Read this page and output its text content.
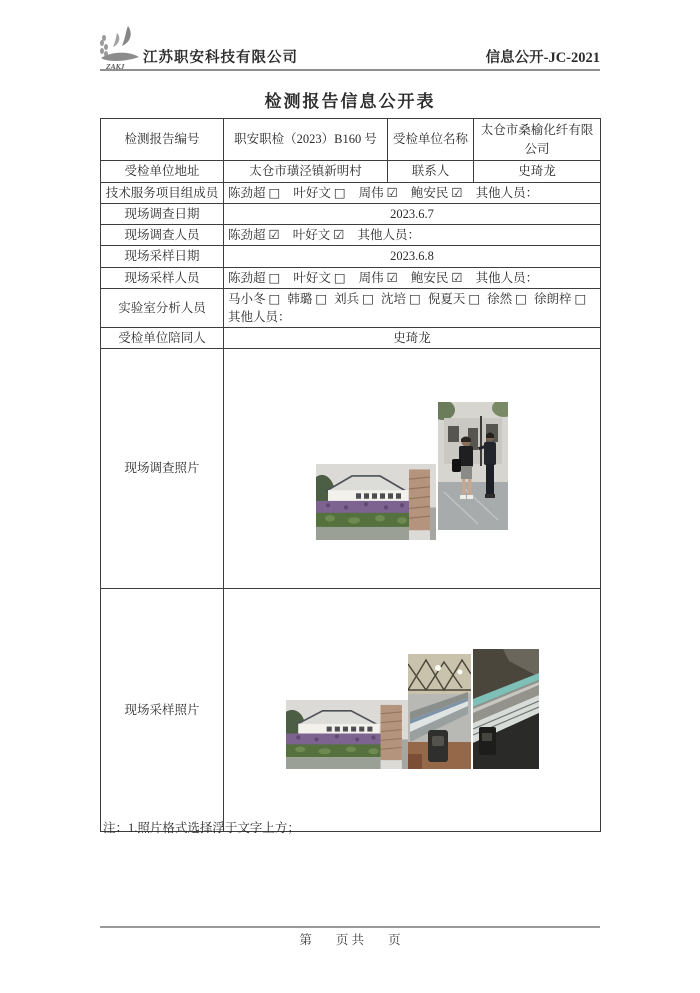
ZAKJ
江苏职安科技有限公司	信息公开-JC-2021
检测报告信息公开表
检测报告编号	职安职检（2023）B160 号	受检单位名称	太仓市桑榆化纤有限公司
受检单位地址	太仓市璜泾镇新明村	联系人	史琦龙
技术服务项目组成员	陈劲超 □ 叶好文 □ 周伟 ☑ 鲍安民 ☑ 其他人员：		
现场调查日期	2023.6.7		
现场调查人员	陈劲超 ☑ 叶好文 ☑ 其他人员：		
现场采样日期	2023.6.8		
现场采样人员	陈劲超 □ 叶好文 □ 周伟 ☑ 鲍安民 ☑ 其他人员：		
实验室分析人员	马小冬 □ 韩璐 □ 刘兵 □ 沈培 □ 倪夏天 □ 徐然 □ 徐朗梓 □
其他人员：		

受检单位陪同人	史琦龙		
现场调查照片	

现场采样照片	
注：1.照片格式选择浮于文字上方；
第 页 共 页
